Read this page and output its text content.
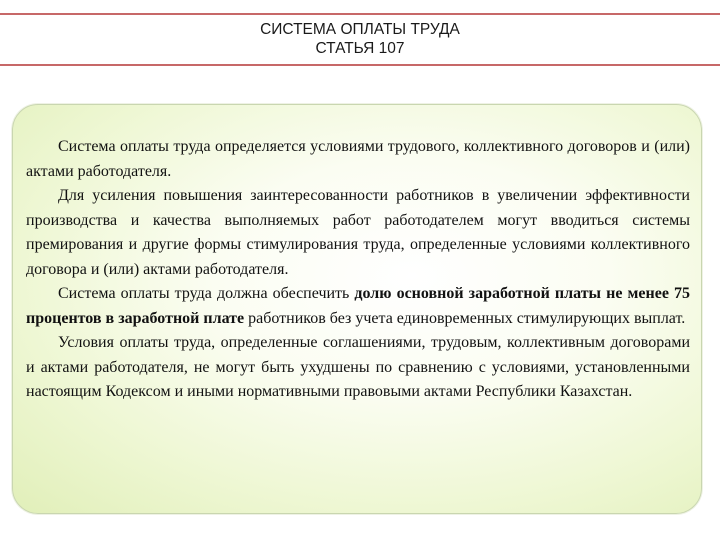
СИСТЕМА ОПЛАТЫ ТРУДА
СТАТЬЯ 107

Система оплаты труда определяется условиями трудового, коллективного договоров и (или) актами работодателя.

Для усиления повышения заинтересованности работников в увеличении эффективности производства и качества выполняемых работ работодателем могут вводиться системы премирования и другие формы стимулирования труда, определенные условиями коллективного договора и (или) актами работодателя.

Система оплаты труда должна обеспечить долю основной заработной платы не менее 75 процентов в заработной плате работников без учета единовременных стимулирующих выплат.

Условия оплаты труда, определенные соглашениями, трудовым, коллективным договорами и актами работодателя, не могут быть ухудшены по сравнению с условиями, установленными настоящим Кодексом и иными нормативными правовыми актами Республики Казахстан.
